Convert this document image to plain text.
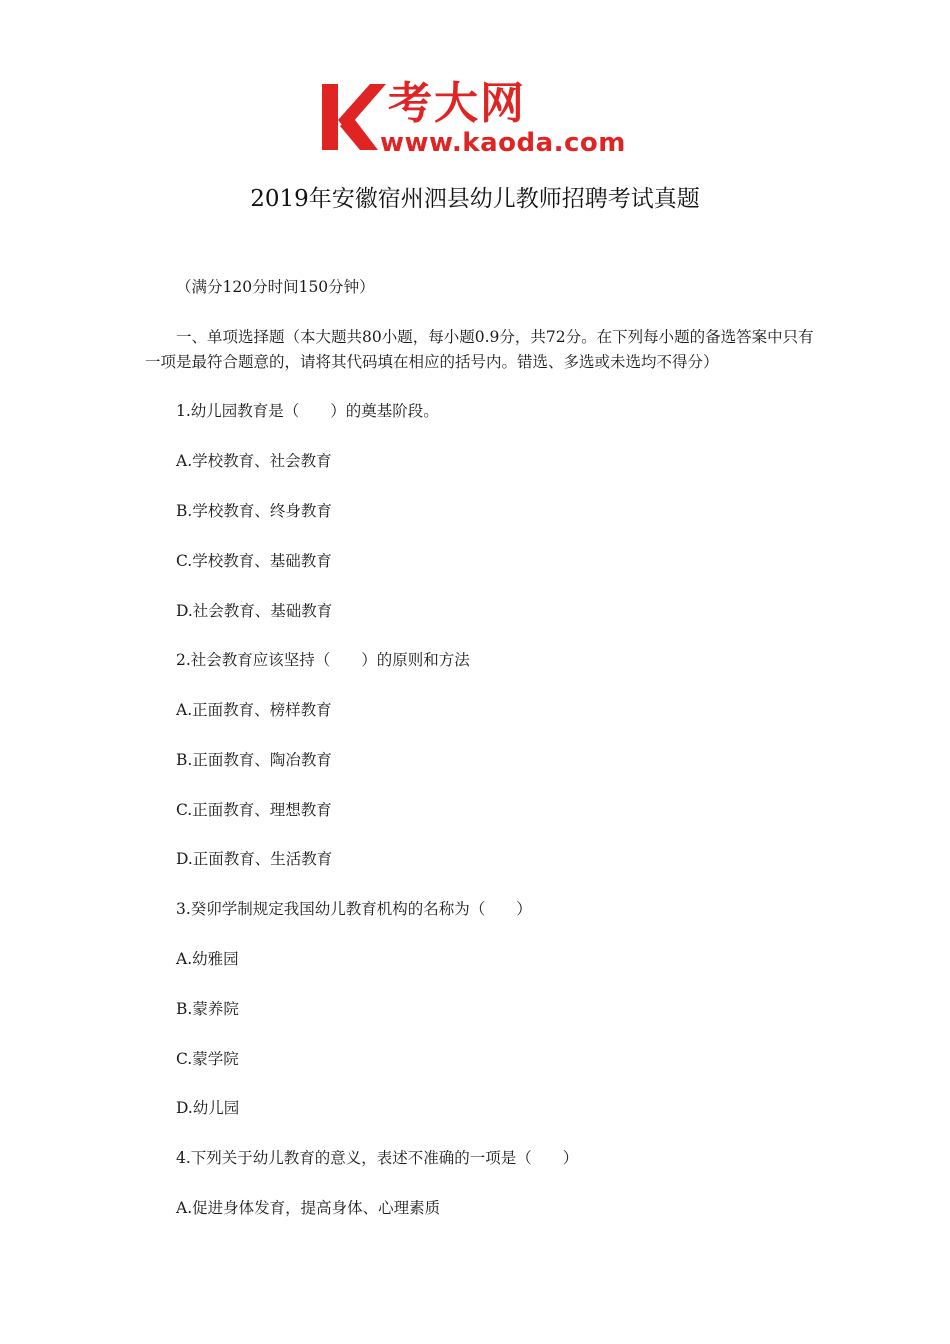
考大网
www.kaoda.com
2019年安徽宿州泗县幼儿教师招聘考试真题
（满分120分时间150分钟）
一、单项选择题（本大题共80小题，每小题0.9分，共72分。在下列每小题的备选答案中只有一项是最符合题意的，请将其代码填在相应的括号内。错选、多选或未选均不得分）
1.幼儿园教育是（　　）的奠基阶段。
A.学校教育、社会教育
B.学校教育、终身教育
C.学校教育、基础教育
D.社会教育、基础教育
2.社会教育应该坚持（　　）的原则和方法
A.正面教育、榜样教育
B.正面教育、陶冶教育
C.正面教育、理想教育
D.正面教育、生活教育
3.癸卯学制规定我国幼儿教育机构的名称为（　　）
A.幼雅园
B.蒙养院
C.蒙学院
D.幼儿园
4.下列关于幼儿教育的意义，表述不准确的一项是（　　）
A.促进身体发育，提高身体、心理素质
